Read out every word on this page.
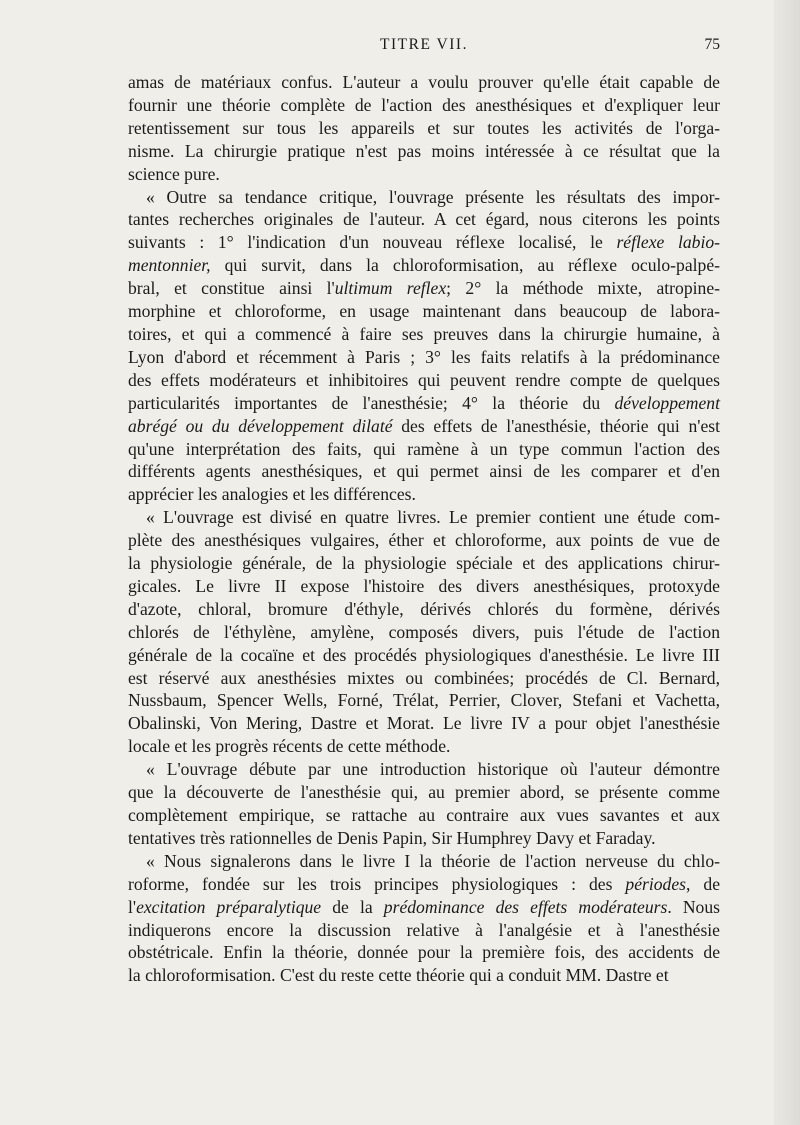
TITRE VII.	75
amas de matériaux confus. L'auteur a voulu prouver qu'elle était capable de
fournir une théorie complète de l'action des anesthésiques et d'expliquer leur
retentissement sur tous les appareils et sur toutes les activités de l'orga-
nisme. La chirurgie pratique n'est pas moins intéressée à ce résultat que la
science pure.
« Outre sa tendance critique, l'ouvrage présente les résultats des impor-
tantes recherches originales de l'auteur. A cet égard, nous citerons les points
suivants : 1° l'indication d'un nouveau réflexe localisé, le réflexe labio-
mentonnier, qui survit, dans la chloroformisation, au réflexe oculo-palpé-
bral, et constitue ainsi l'ultimum reflex; 2° la méthode mixte, atropine-
morphine et chloroforme, en usage maintenant dans beaucoup de labora-
toires, et qui a commencé à faire ses preuves dans la chirurgie humaine, à
Lyon d'abord et récemment à Paris ; 3° les faits relatifs à la prédominance
des effets modérateurs et inhibitoires qui peuvent rendre compte de quelques
particularités importantes de l'anesthésie; 4° la théorie du développement
abrégé ou du développement dilaté des effets de l'anesthésie, théorie qui n'est
qu'une interprétation des faits, qui ramène à un type commun l'action des
différents agents anesthésiques, et qui permet ainsi de les comparer et d'en
apprécier les analogies et les différences.
« L'ouvrage est divisé en quatre livres. Le premier contient une étude com-
plète des anesthésiques vulgaires, éther et chloroforme, aux points de vue de
la physiologie générale, de la physiologie spéciale et des applications chirur-
gicales. Le livre II expose l'histoire des divers anesthésiques, protoxyde
d'azote, chloral, bromure d'éthyle, dérivés chlorés du formène, dérivés
chlorés de l'éthylène, amylène, composés divers, puis l'étude de l'action
générale de la cocaïne et des procédés physiologiques d'anesthésie. Le livre III
est réservé aux anesthésies mixtes ou combinées; procédés de Cl. Bernard,
Nussbaum, Spencer Wells, Forné, Trélat, Perrier, Clover, Stefani et Vachetta,
Obalinski, Von Mering, Dastre et Morat. Le livre IV a pour objet l'anesthésie
locale et les progrès récents de cette méthode.
« L'ouvrage débute par une introduction historique où l'auteur démontre
que la découverte de l'anesthésie qui, au premier abord, se présente comme
complètement empirique, se rattache au contraire aux vues savantes et aux
tentatives très rationnelles de Denis Papin, Sir Humphrey Davy et Faraday.
« Nous signalerons dans le livre I la théorie de l'action nerveuse du chlo-
roforme, fondée sur les trois principes physiologiques : des périodes, de
l'excitation préparalytique de la prédominance des effets modérateurs. Nous
indiquerons encore la discussion relative à l'analgésie et à l'anesthésie
obstétricale. Enfin la théorie, donnée pour la première fois, des accidents de
la chloroformisation. C'est du reste cette théorie qui a conduit MM. Dastre et
